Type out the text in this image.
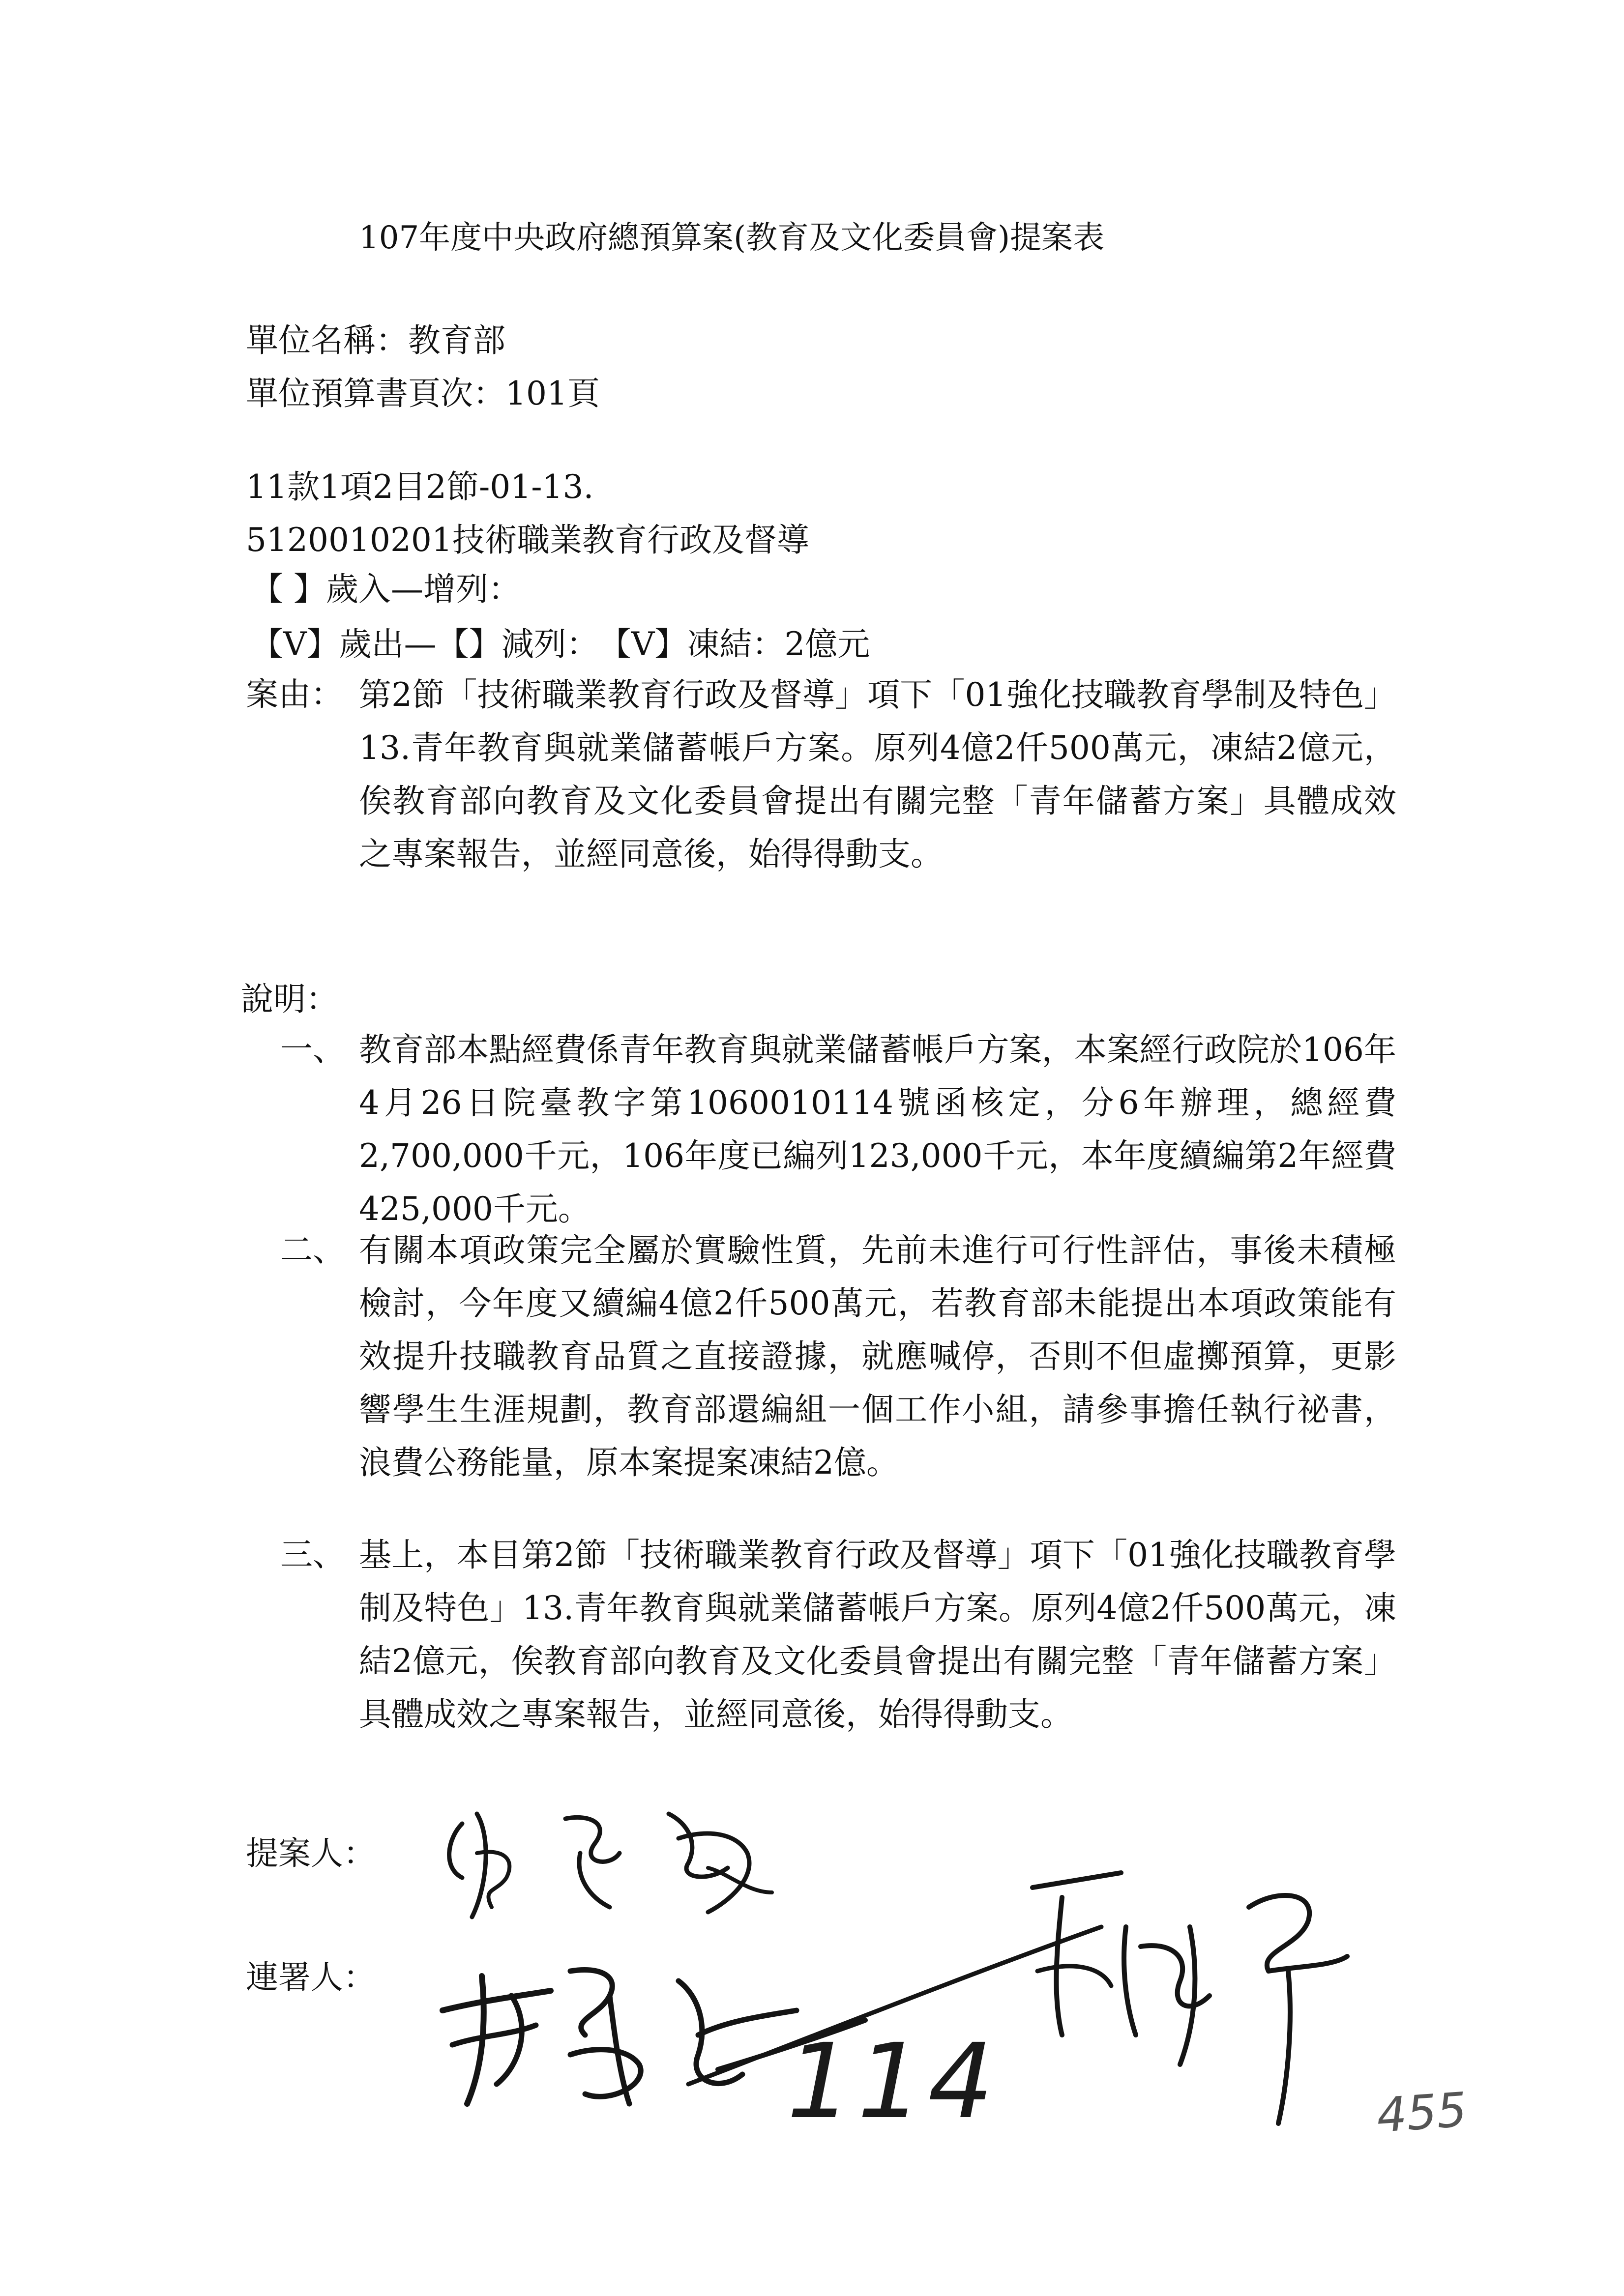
107年度中央政府總預算案(教育及文化委員會)提案表
單位名稱：教育部
單位預算書頁次：101頁
11款1項2目2節-01-13.
5120010201技術職業教育行政及督導
【 】歲入—增列：
【V】歲出—【】減列：　【V】凍結：2億元
案由： 第2節「技術職業教育行政及督導」項下「01強化技職教育學制及特色」13.青年教育與就業儲蓄帳戶方案。原列4億2仟500萬元，凍結2億元，俟教育部向教育及文化委員會提出有關完整「青年儲蓄方案」具體成效之專案報告，並經同意後，始得得動支。
說明：
一、 教育部本點經費係青年教育與就業儲蓄帳戶方案，本案經行政院於106年4月26日院臺教字第1060010114號函核定，分6年辦理，總經費2,700,000千元，106年度已編列123,000千元，本年度續編第2年經費425,000千元。
二、 有關本項政策完全屬於實驗性質，先前未進行可行性評估，事後未積極檢討，今年度又續編4億2仟500萬元，若教育部未能提出本項政策能有效提升技職教育品質之直接證據，就應喊停，否則不但虛擲預算，更影響學生生涯規劃，教育部還編組一個工作小組，請參事擔任執行祕書，浪費公務能量，原本案提案凍結2億。
三、 基上，本目第2節「技術職業教育行政及督導」項下「01強化技職教育學制及特色」13.青年教育與就業儲蓄帳戶方案。原列4億2仟500萬元，凍結2億元，俟教育部向教育及文化委員會提出有關完整「青年儲蓄方案」具體成效之專案報告，並經同意後，始得得動支。
提案人：
連署人：
114	455
